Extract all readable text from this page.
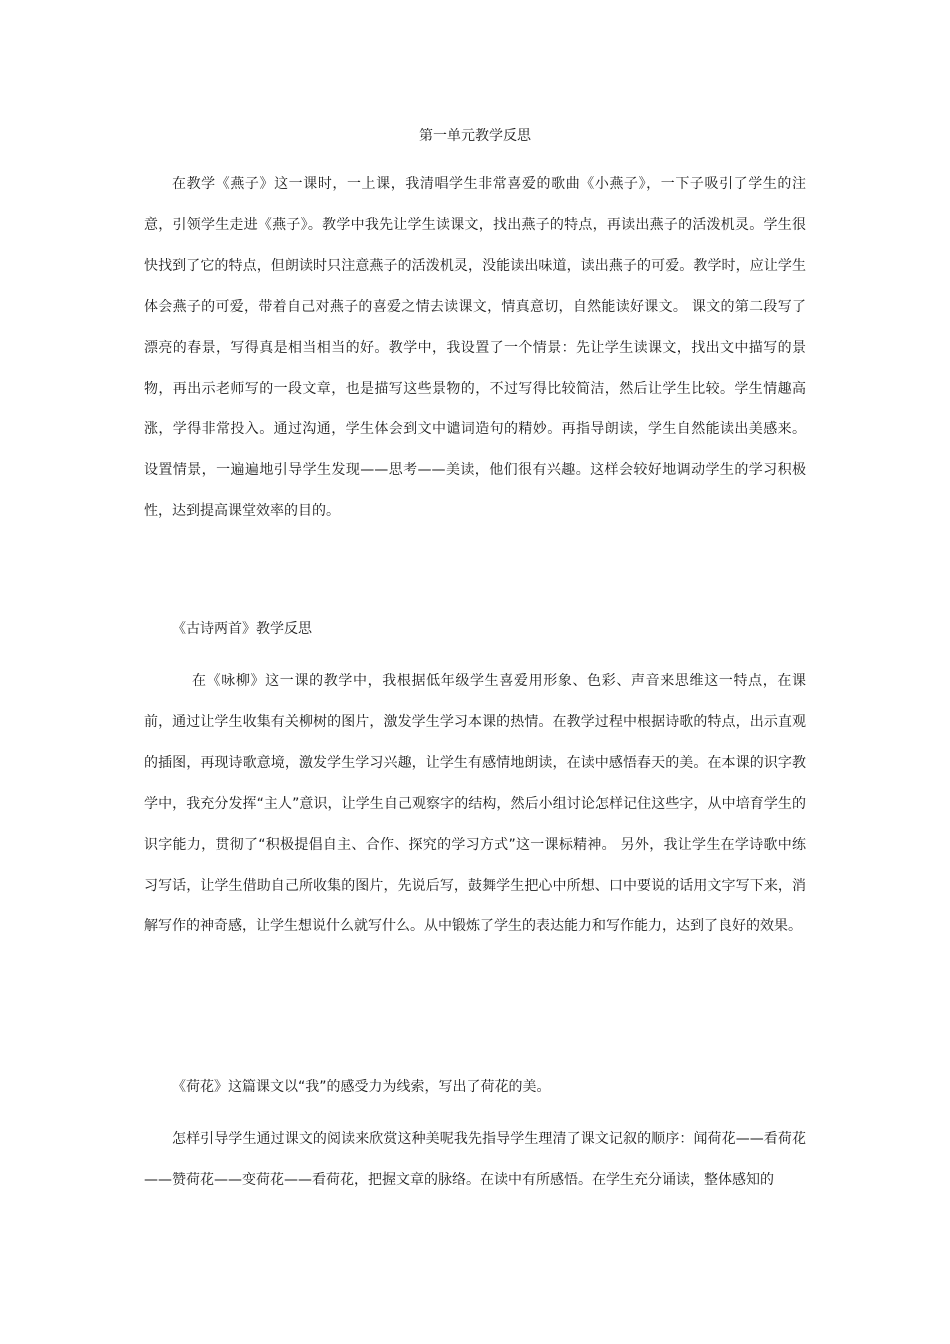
第一单元教学反思

在教学《燕子》这一课时，一上课，我清唱学生非常喜爱的歌曲《小燕子》，一下子吸引了学生的注意，引领学生走进《燕子》。教学中我先让学生读课文，找出燕子的特点，再读出燕子的活泼机灵。学生很快找到了它的特点，但朗读时只注意燕子的活泼机灵，没能读出味道，读出燕子的可爱。教学时，应让学生体会燕子的可爱，带着自己对燕子的喜爱之情去读课文，情真意切，自然能读好课文。 课文的第二段写了漂亮的春景，写得真是相当相当的好。教学中，我设置了一个情景：先让学生读课文，找出文中描写的景物，再出示老师写的一段文章，也是描写这些景物的，不过写得比较简洁，然后让学生比较。学生情趣高涨，学得非常投入。通过沟通，学生体会到文中谴词造句的精妙。再指导朗读，学生自然能读出美感来。 设置情景，一遍遍地引导学生发现——思考——美读，他们很有兴趣。这样会较好地调动学生的学习积极性，达到提高课堂效率的目的。

《古诗两首》教学反思

在《咏柳》这一课的教学中，我根据低年级学生喜爱用形象、色彩、声音来思维这一特点，在课前，通过让学生收集有关柳树的图片，激发学生学习本课的热情。在教学过程中根据诗歌的特点，出示直观的插图，再现诗歌意境，激发学生学习兴趣，让学生有感情地朗读，在读中感悟春天的美。在本课的识字教学中，我充分发挥“主人”意识，让学生自己观察字的结构，然后小组讨论怎样记住这些字，从中培育学生的识字能力，贯彻了“积极提倡自主、合作、探究的学习方式”这一课标精神。 另外，我让学生在学诗歌中练习写话，让学生借助自己所收集的图片，先说后写，鼓舞学生把心中所想、口中要说的话用文字写下来，消解写作的神奇感，让学生想说什么就写什么。从中锻炼了学生的表达能力和写作能力，达到了良好的效果。

《荷花》这篇课文以“我”的感受力为线索，写出了荷花的美。

怎样引导学生通过课文的阅读来欣赏这种美呢我先指导学生理清了课文记叙的顺序：闻荷花——看荷花——赞荷花——变荷花——看荷花，把握文章的脉络。在读中有所感悟。在学生充分诵读，整体感知的
